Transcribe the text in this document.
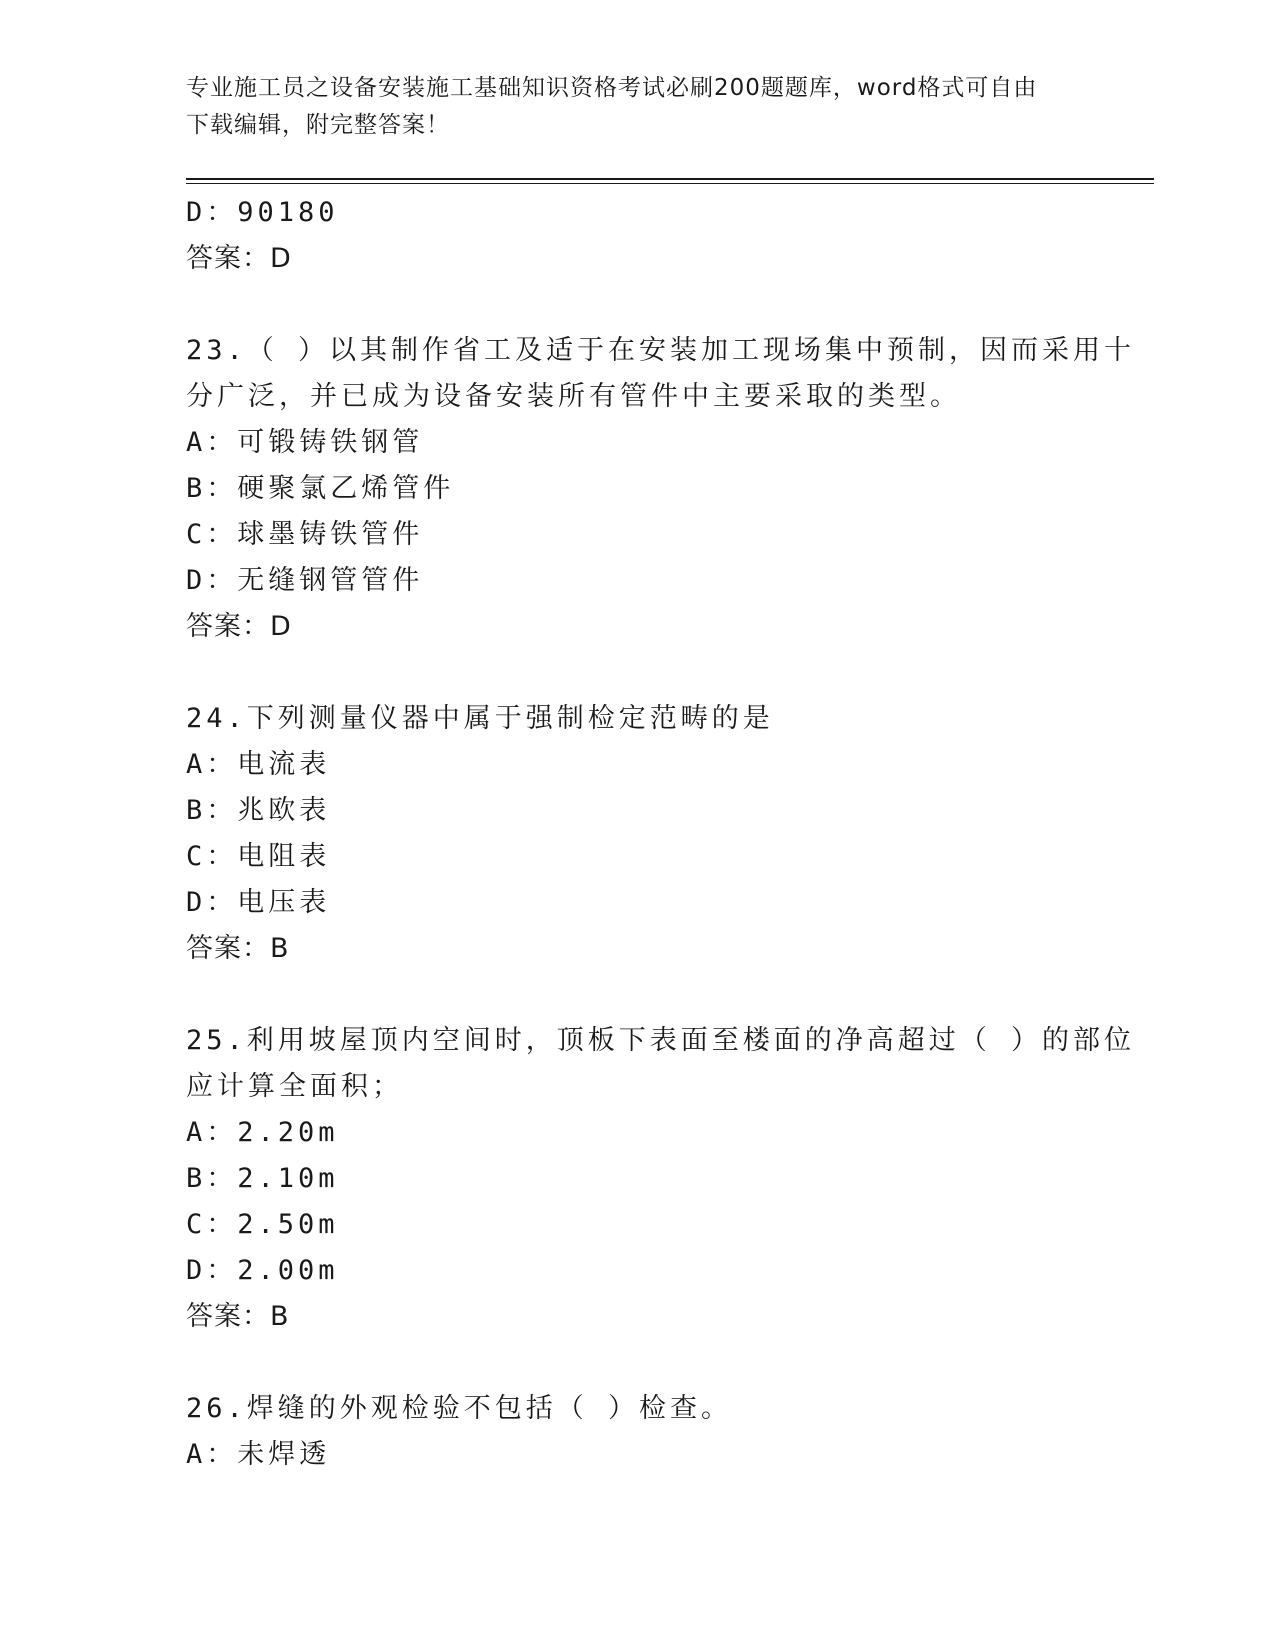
专业施工员之设备安装施工基础知识资格考试必刷200题题库，word格式可自由
下载编辑，附完整答案！
D：90180
答案：D
23.（ ）以其制作省工及适于在安装加工现场集中预制，因而采用十
分广泛，并已成为设备安装所有管件中主要采取的类型。
A：可锻铸铁钢管
B：硬聚氯乙烯管件
C：球墨铸铁管件
D：无缝钢管管件
答案：D
24.下列测量仪器中属于强制检定范畴的是
A：电流表
B：兆欧表
C：电阻表
D：电压表
答案：B
25.利用坡屋顶内空间时，顶板下表面至楼面的净高超过（ ）的部位
应计算全面积；
A：2.20m
B：2.10m
C：2.50m
D：2.00m
答案：B
26.焊缝的外观检验不包括（ ）检查。
A：未焊透
